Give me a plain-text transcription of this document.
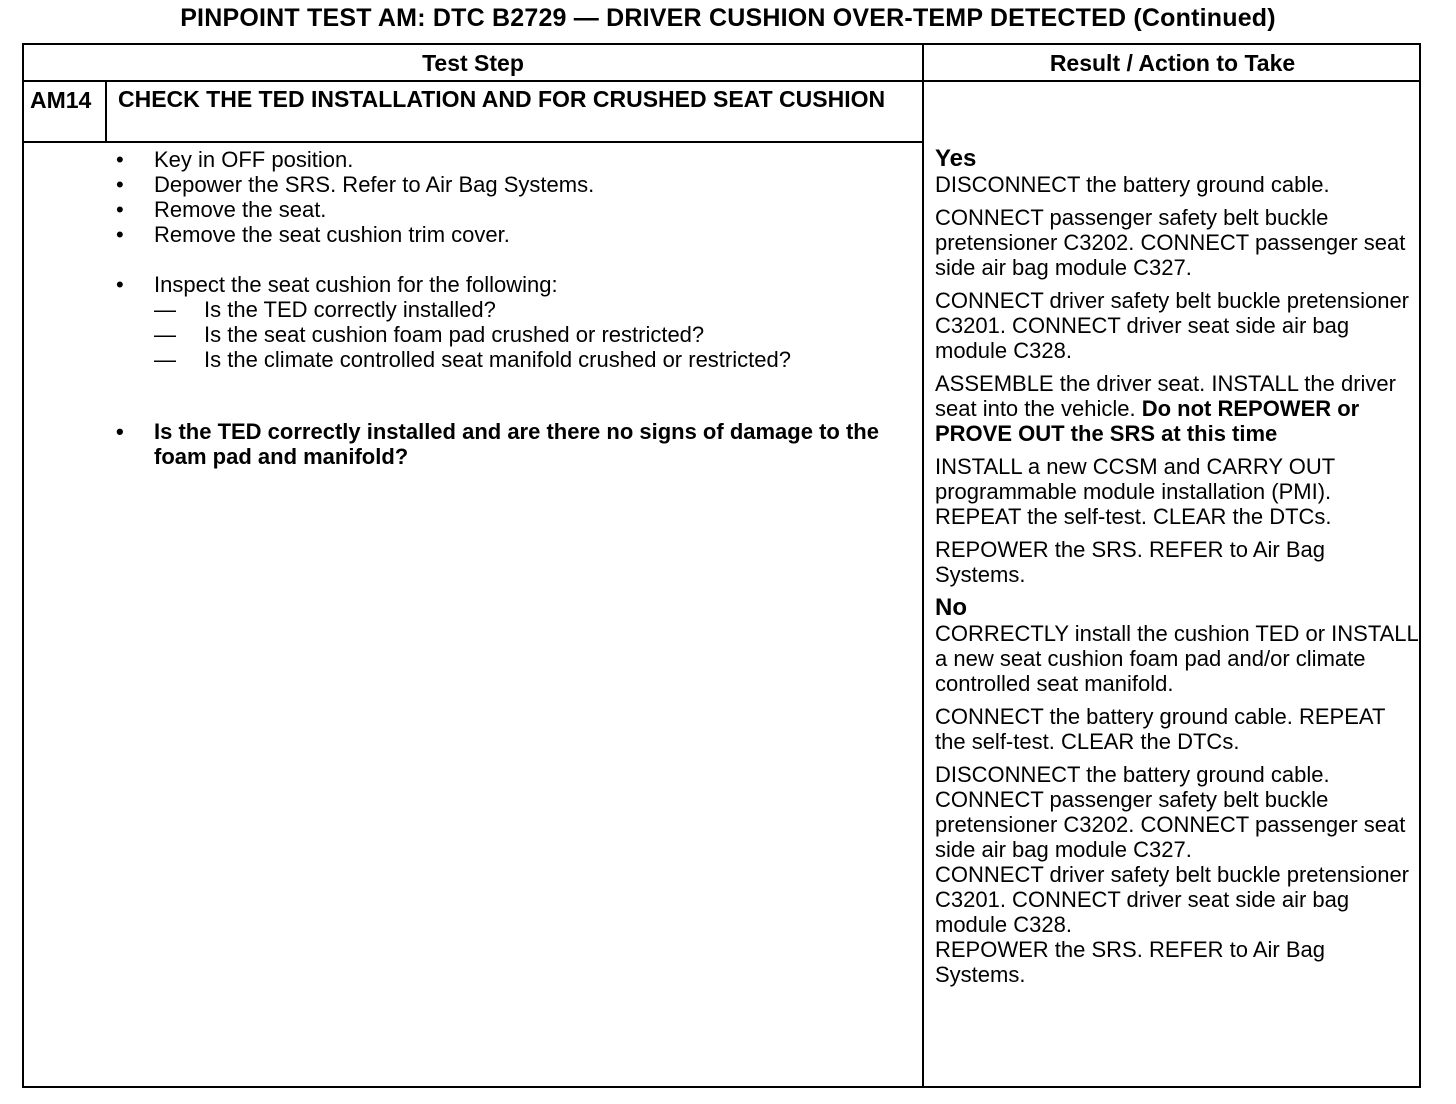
PINPOINT TEST AM: DTC B2729 — DRIVER CUSHION OVER-TEMP DETECTED (Continued)
Test Step	Result / Action to Take
AM14 CHECK THE TED INSTALLATION AND FOR CRUSHED SEAT CUSHION
• Key in OFF position.
• Depower the SRS. Refer to Air Bag Systems.
• Remove the seat.
• Remove the seat cushion trim cover.
• Inspect the seat cushion for the following:
— Is the TED correctly installed?
— Is the seat cushion foam pad crushed or restricted?
— Is the climate controlled seat manifold crushed or restricted?
• Is the TED correctly installed and are there no signs of damage to the foam pad and manifold?
Yes
DISCONNECT the battery ground cable.
CONNECT passenger safety belt buckle pretensioner C3202. CONNECT passenger seat side air bag module C327.
CONNECT driver safety belt buckle pretensioner C3201. CONNECT driver seat side air bag module C328.
ASSEMBLE the driver seat. INSTALL the driver seat into the vehicle. Do not REPOWER or PROVE OUT the SRS at this time
INSTALL a new CCSM and CARRY OUT programmable module installation (PMI). REPEAT the self-test. CLEAR the DTCs.
REPOWER the SRS. REFER to Air Bag Systems.
No
CORRECTLY install the cushion TED or INSTALL a new seat cushion foam pad and/or climate controlled seat manifold.
CONNECT the battery ground cable. REPEAT the self-test. CLEAR the DTCs.
DISCONNECT the battery ground cable.
CONNECT passenger safety belt buckle pretensioner C3202. CONNECT passenger seat side air bag module C327.
CONNECT driver safety belt buckle pretensioner C3201. CONNECT driver seat side air bag module C328.
REPOWER the SRS. REFER to Air Bag Systems.
